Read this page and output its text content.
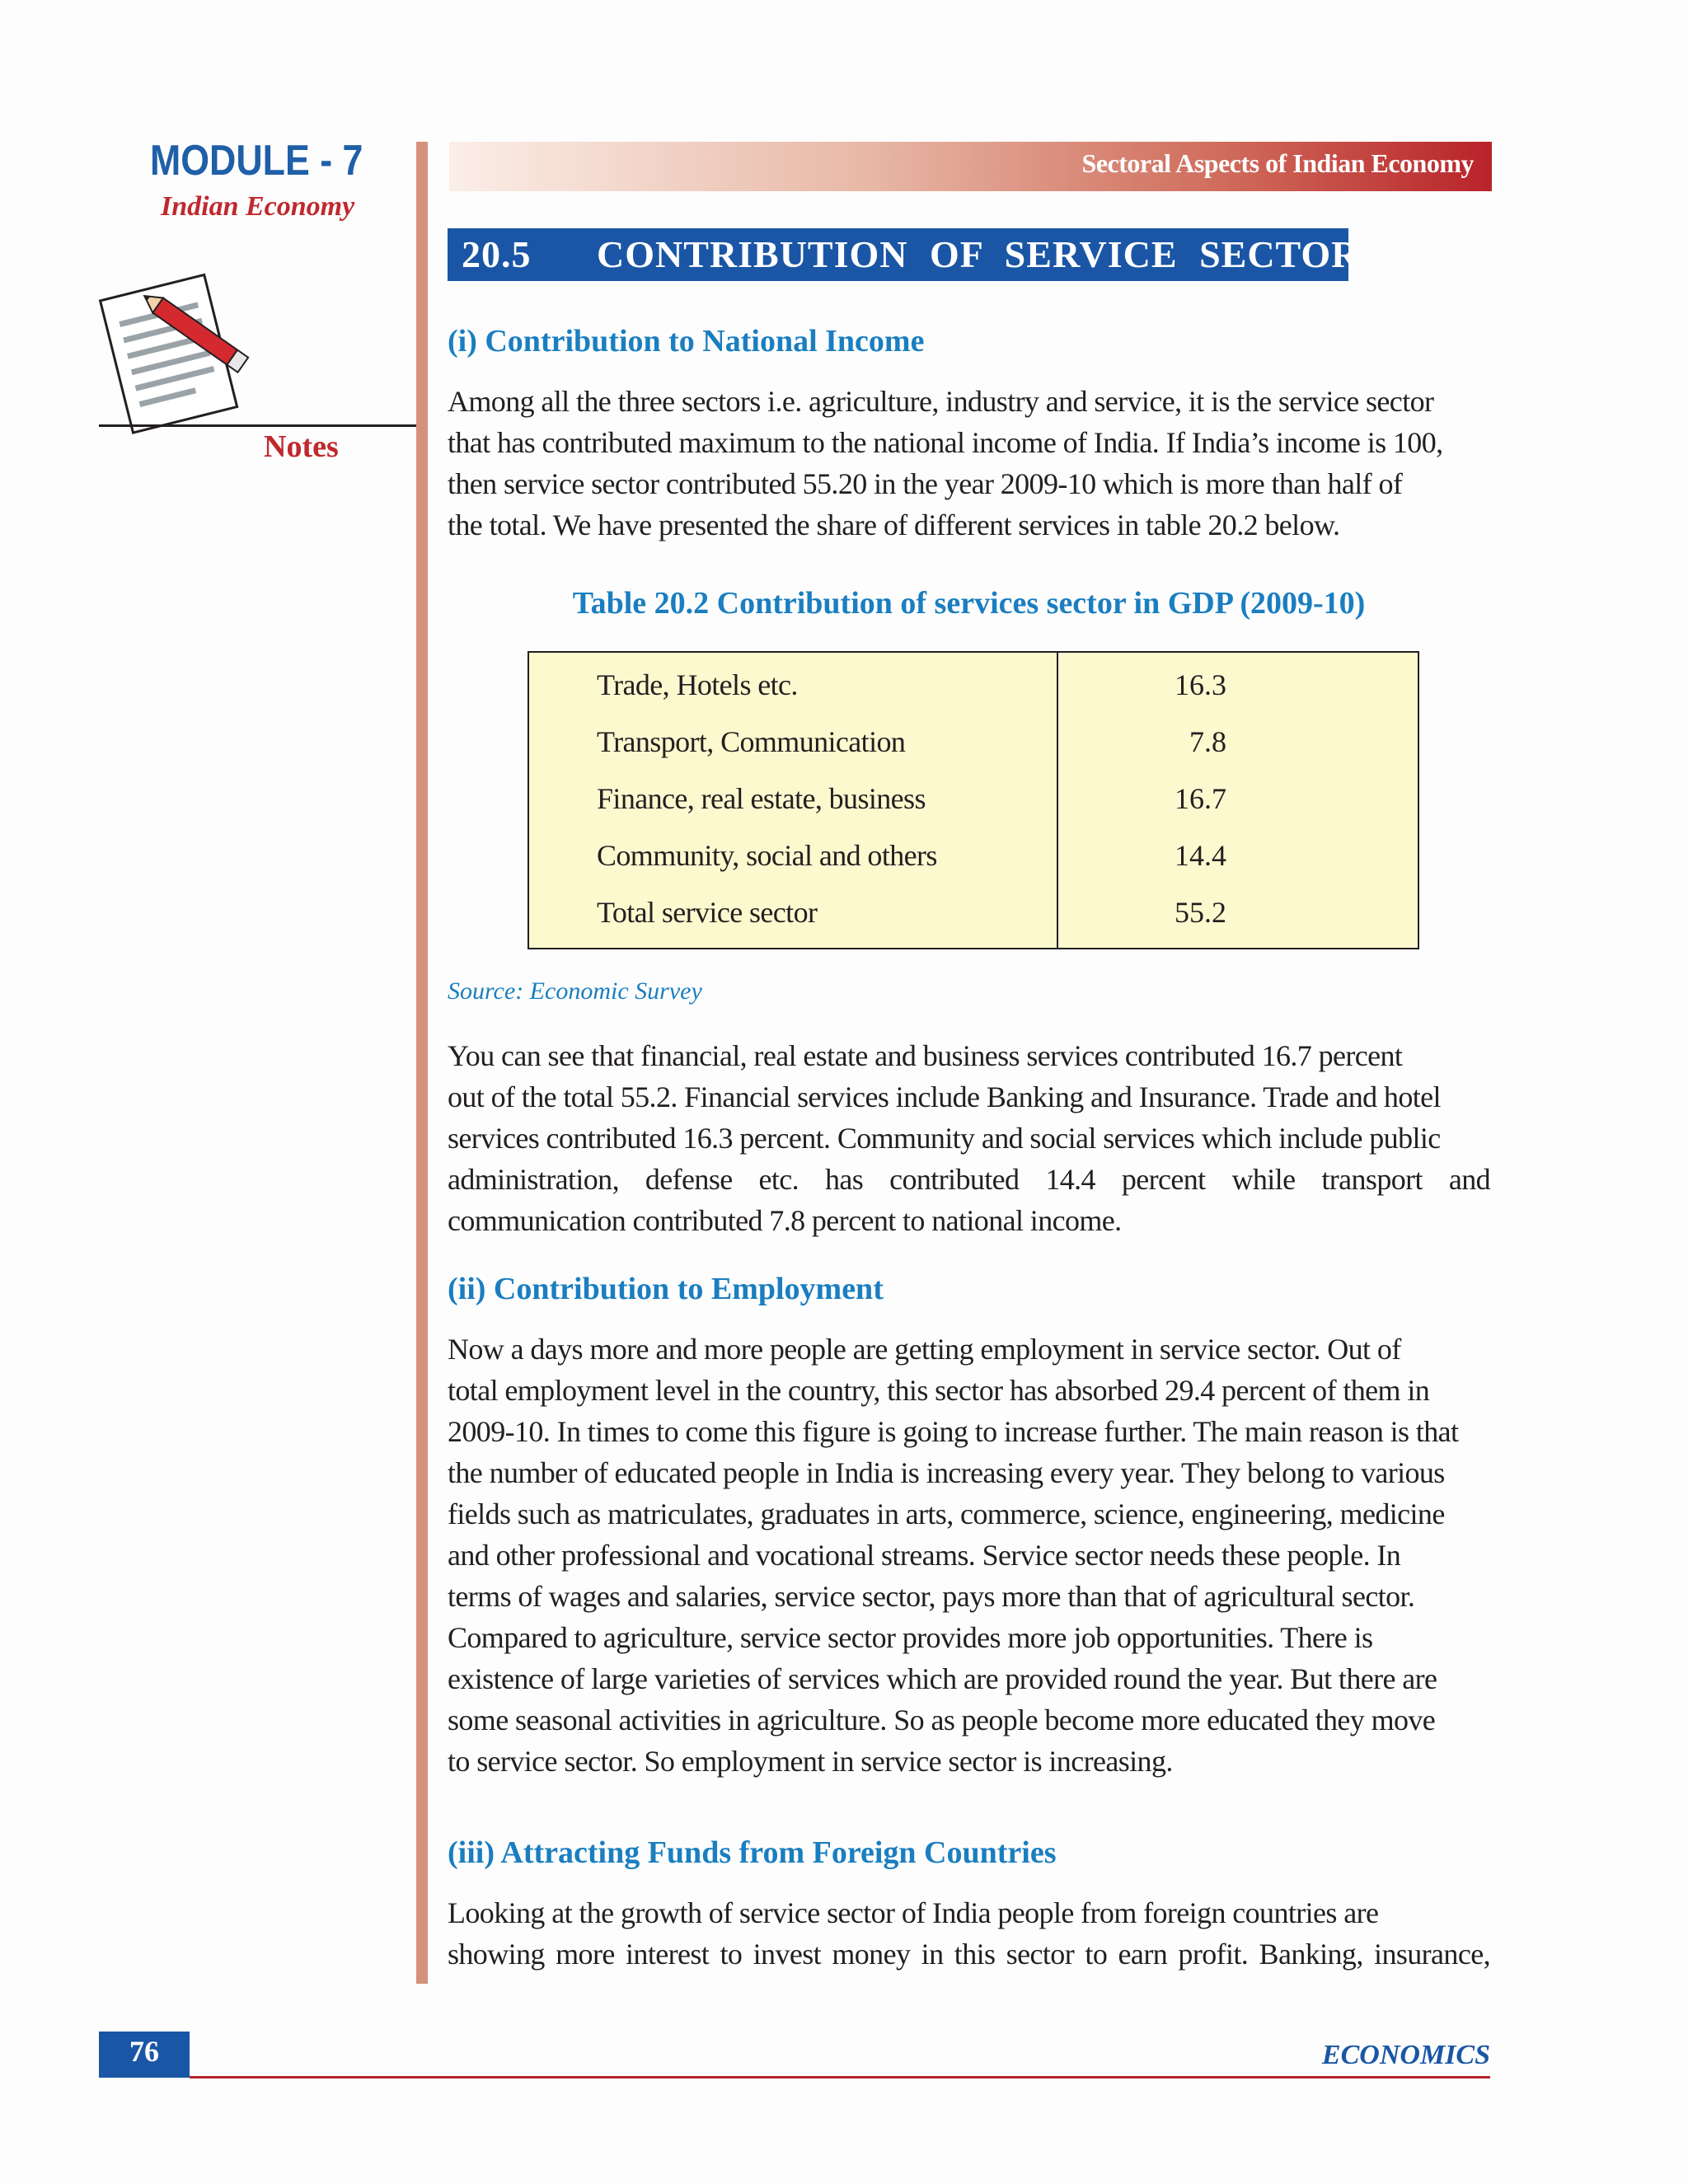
MODULE - 7
Indian Economy
Notes
Sectoral Aspects of Indian Economy
20.5 CONTRIBUTION OF SERVICE SECTOR
(i) Contribution to National Income
Among all the three sectors i.e. agriculture, industry and service, it is the service sector
that has contributed maximum to the national income of India. If India’s income is 100,
then service sector contributed 55.20 in the year 2009-10 which is more than half of
the total. We have presented the share of different services in table 20.2 below.
Table 20.2 Contribution of services sector in GDP (2009-10)
Trade, Hotels etc.	16.3
Transport, Communication	7.8
Finance, real estate, business	16.7
Community, social and others	14.4
Total service sector	55.2
Source: Economic Survey
You can see that financial, real estate and business services contributed 16.7 percent
out of the total 55.2. Financial services include Banking and Insurance. Trade and hotel
services contributed 16.3 percent. Community and social services which include public
administration, defense etc. has contributed 14.4 percent while transport and
communication contributed 7.8 percent to national income.
(ii) Contribution to Employment
Now a days more and more people are getting employment in service sector. Out of
total employment level in the country, this sector has absorbed 29.4 percent of them in
2009-10. In times to come this figure is going to increase further. The main reason is that
the number of educated people in India is increasing every year. They belong to various
fields such as matriculates, graduates in arts, commerce, science, engineering, medicine
and other professional and vocational streams. Service sector needs these people. In
terms of wages and salaries, service sector, pays more than that of agricultural sector.
Compared to agriculture, service sector provides more job opportunities. There is
existence of large varieties of services which are provided round the year. But there are
some seasonal activities in agriculture. So as people become more educated they move
to service sector. So employment in service sector is increasing.
(iii) Attracting Funds from Foreign Countries
Looking at the growth of service sector of India people from foreign countries are
showing more interest to invest money in this sector to earn profit. Banking, insurance,
76	ECONOMICS
